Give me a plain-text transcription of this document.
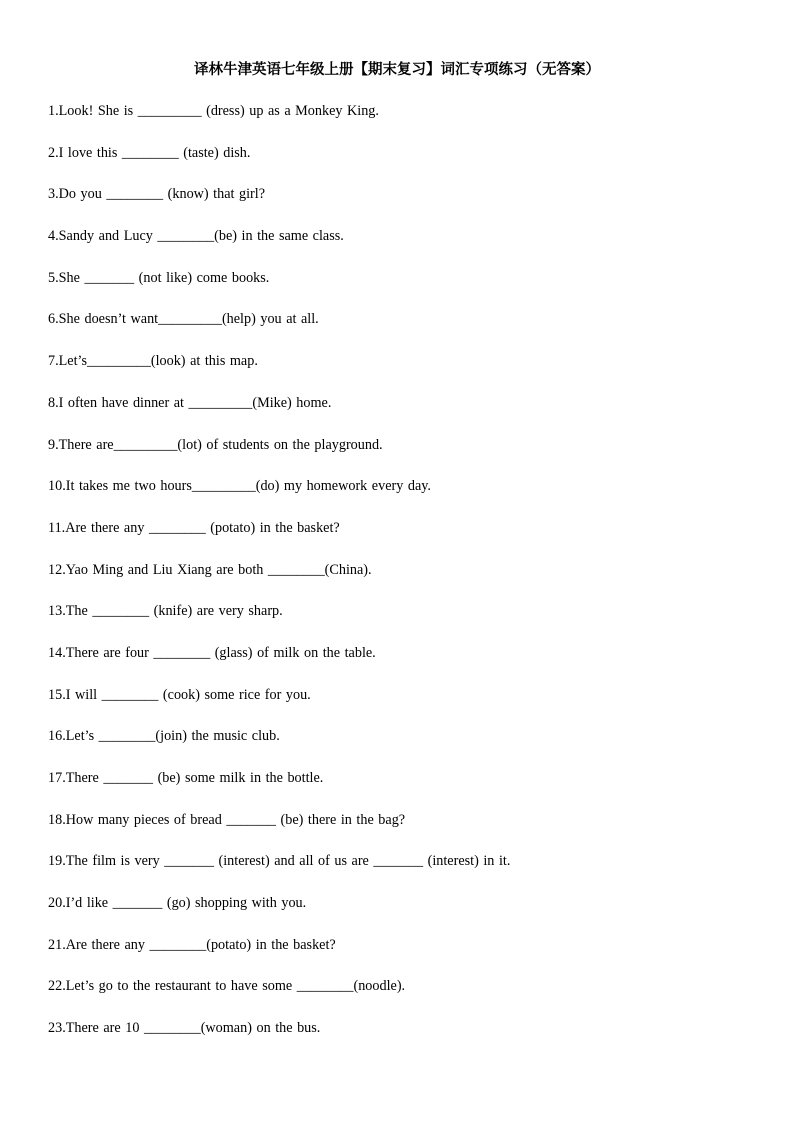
译林牛津英语七年级上册【期末复习】词汇专项练习（无答案）
1.Look! She is _________ (dress) up as a Monkey King.
2.I love this ________ (taste) dish.
3.Do you ________ (know) that girl?
4.Sandy and Lucy ________(be) in the same class.
5.She _______ (not like) come books.
6.She doesn’t want_________(help) you at all.
7.Let’s_________(look) at this map.
8.I often have dinner at _________(Mike) home.
9.There are_________(lot) of students on the playground.
10.It takes me two hours_________(do) my homework every day.
11.Are there any ________ (potato) in the basket?
12.Yao Ming and Liu Xiang are both ________(China).
13.The ________ (knife) are very sharp.
14.There are four ________ (glass) of milk on the table.
15.I will ________ (cook) some rice for you.
16.Let’s ________(join) the music club.
17.There _______ (be) some milk in the bottle.
18.How many pieces of bread _______ (be) there in the bag?
19.The film is very _______ (interest) and all of us are _______ (interest) in it.
20.I’d like _______ (go) shopping with you.
21.Are there any ________(potato) in the basket?
22.Let’s go to the restaurant to have some ________(noodle).
23.There are 10 ________(woman) on the bus.
